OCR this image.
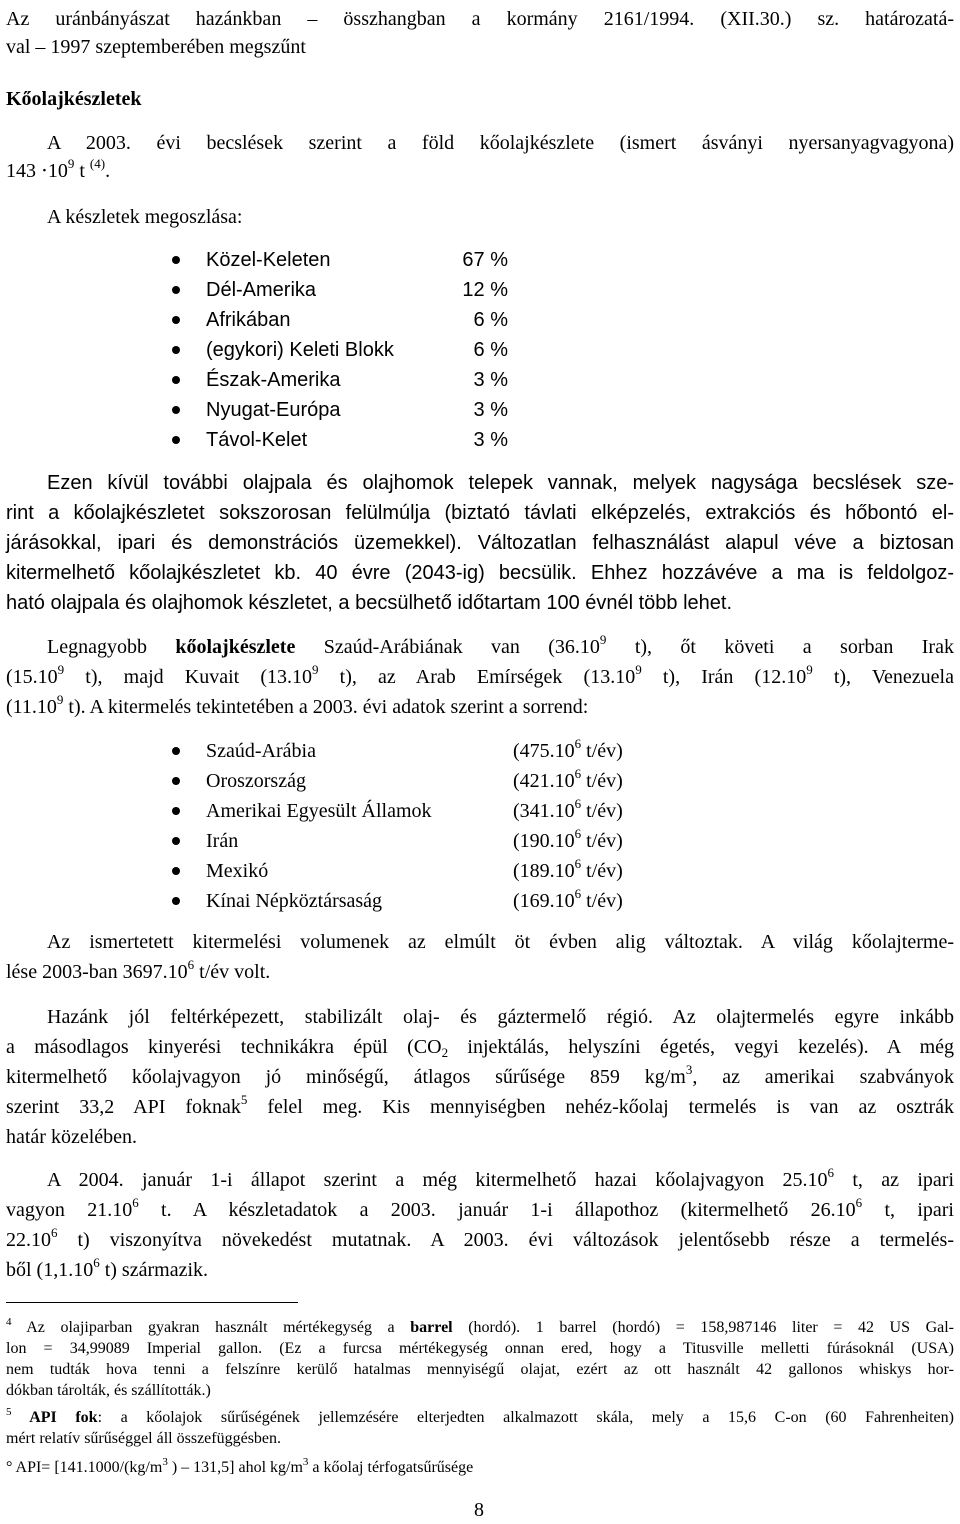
Az uránbányászat hazánkban – összhangban a kormány 2161/1994. (XII.30.) sz. határozatá-
val – 1997 szeptemberében megszűnt
Kőolajkészletek
A 2003. évi becslések szerint a föld kőolajkészlete (ismert ásványi nyersanyagvagyona)
$143 \cdot 10^9$ t $^{(4)}$.
A készletek megoszlása:
Közel-Keleten	67 %
Dél-Amerika	12 %
Afrikában	6 %
(egykori) Keleti Blokk	6 %
Észak-Amerika	3 %
Nyugat-Európa	3 %
Távol-Kelet	3 %
Ezen kívül további olajpala és olajhomok telepek vannak, melyek nagysága becslések sze-
rint a kőolajkészletet sokszorosan felülmúlja (biztató távlati elképzelés, extrakciós és hőbontó el-
járásokkal, ipari és demonstrációs üzemekkel). Változatlan felhasználást alapul véve a biztosan
kitermelhető kőolajkészletet kb. 40 évre (2043-ig) becsülik. Ehhez hozzávéve a ma is feldolgoz-
ható olajpala és olajhomok készletet, a becsülhető időtartam 100 évnél több lehet.
Legnagyobb kőolajkészlete Szaúd-Arábiának van (36.10$^9$ t), őt követi a sorban Irak
(15.10$^9$ t), majd Kuvait (13.10$^9$ t), az Arab Emírségek (13.10$^9$ t), Irán (12.10$^9$ t), Venezuela
(11.10$^9$ t). A kitermelés tekintetében a 2003. évi adatok szerint a sorrend:
Szaúd-Arábia	(475.10$^6$ t/év)
Oroszország	(421.10$^6$ t/év)
Amerikai Egyesült Államok	(341.10$^6$ t/év)
Irán	(190.10$^6$ t/év)
Mexikó	(189.10$^6$ t/év)
Kínai Népköztársaság	(169.10$^6$ t/év)
Az ismertetett kitermelési volumenek az elmúlt öt évben alig változtak. A világ kőolajterme-
lése 2003-ban 3697.10$^6$ t/év volt.
Hazánk jól feltérképezett, stabilizált olaj- és gáztermelő régió. Az olajtermelés egyre inkább
a másodlagos kinyerési technikákra épül ($CO_2$ injektálás, helyszíni égetés, vegyi kezelés). A még
kitermelhető kőolajvagyon jó minőségű, átlagos sűrűsége 859 $kg/m^3$, az amerikai szabványok
szerint 33,2 API foknak$^5$ felel meg. Kis mennyiségben nehéz-kőolaj termelés is van az osztrák
határ közelében.
A 2004. január 1-i állapot szerint a még kitermelhető hazai kőolajvagyon 25.10$^6$ t, az ipari
vagyon 21.10$^6$ t. A készletadatok a 2003. január 1-i állapothoz (kitermelhető 26.10$^6$ t, ipari
22.10$^6$ t) viszonyítva növekedést mutatnak. A 2003. évi változások jelentősebb része a termelés-
ből (1,1.10$^6$ t) származik.
$^4$ Az olajiparban gyakran használt mértékegység a barrel (hordó). 1 barrel (hordó) = 158,987146 liter = 42 US Gal-
lon = 34,99089 Imperial gallon. (Ez a furcsa mértékegység onnan ered, hogy a Titusville melletti fúrásoknál (USA)
nem tudták hova tenni a felszínre kerülő hatalmas mennyiségű olajat, ezért az ott használt 42 gallonos whiskys hor-
dókban tárolták, és szállították.)
$^5$ API fok: a kőolajok sűrűségének jellemzésére elterjedten alkalmazott skála, mely a 15,6 C-on (60 Fahrenheiten)
mért relatív sűrűséggel áll összefüggésben.
° $API= [141.1000/(kg/m^3$ ) – 131,5] ahol $kg/m^3$ a kőolaj térfogatsűrűsége
8
